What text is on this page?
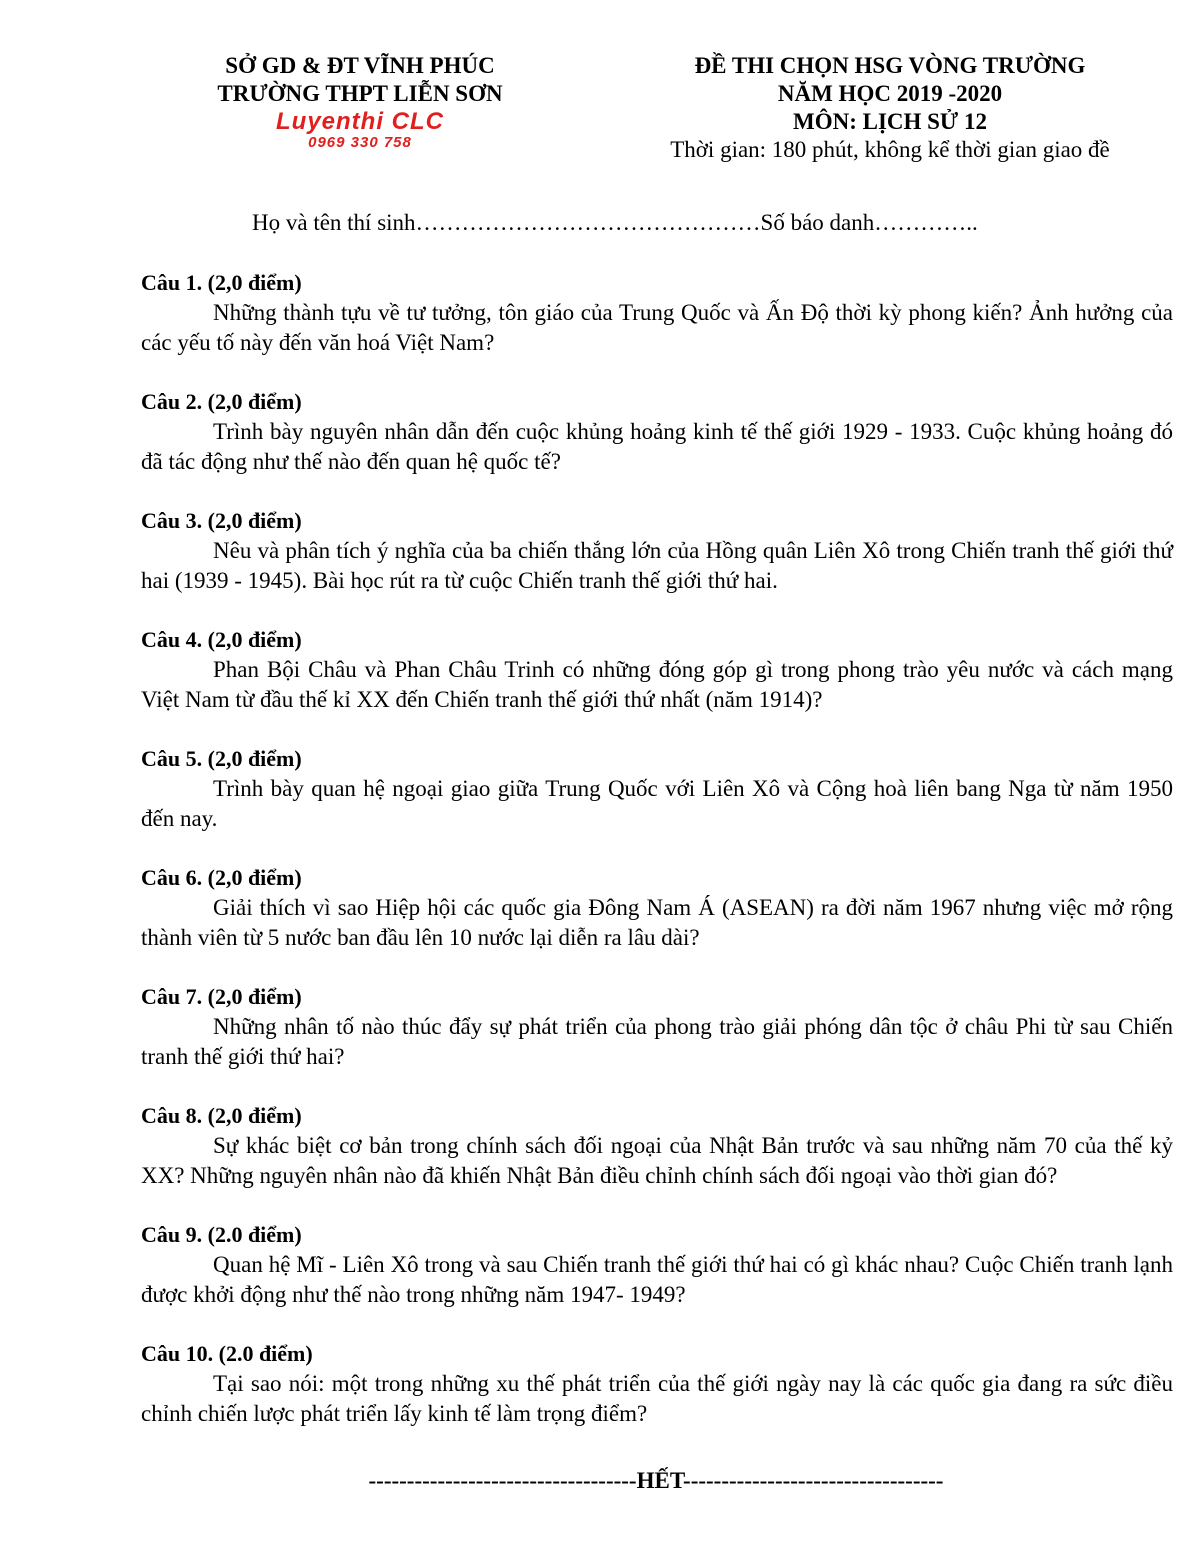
SỞ GD & ĐT VĨNH PHÚC
TRƯỜNG THPT LIỄN SƠN
Luyenthi CLC
0969 330 758
ĐỀ THI CHỌN HSG VÒNG TRƯỜNG
NĂM HỌC 2019 -2020
MÔN: LỊCH SỬ 12
Thời gian: 180 phút, không kể thời gian giao đề
Họ và tên thí sinh………………………………………Số báo danh…………..
Câu 1. (2,0 điểm)
Những thành tựu về tư tưởng, tôn giáo của Trung Quốc và Ấn Độ thời kỳ phong kiến? Ảnh hưởng của các yếu tố này đến văn hoá Việt Nam?
Câu 2. (2,0 điểm)
Trình bày nguyên nhân dẫn đến cuộc khủng hoảng kinh tế thế giới 1929 - 1933. Cuộc khủng hoảng đó đã tác động như thế nào đến quan hệ quốc tế?
Câu 3. (2,0 điểm)
Nêu và phân tích ý nghĩa của ba chiến thắng lớn của Hồng quân Liên Xô trong Chiến tranh thế giới thứ hai (1939 - 1945). Bài học rút ra từ cuộc Chiến tranh thế giới thứ hai.
Câu 4. (2,0 điểm)
Phan Bội Châu và Phan Châu Trinh có những đóng góp gì trong phong trào yêu nước và cách mạng Việt Nam từ đầu thế kỉ XX đến Chiến tranh thế giới thứ nhất (năm 1914)?
Câu 5. (2,0 điểm)
Trình bày quan hệ ngoại giao giữa Trung Quốc với Liên Xô và Cộng hoà liên bang Nga từ năm 1950 đến nay.
Câu 6. (2,0 điểm)
Giải thích vì sao Hiệp hội các quốc gia Đông Nam Á (ASEAN) ra đời năm 1967 nhưng việc mở rộng thành viên từ 5 nước ban đầu lên 10 nước lại diễn ra lâu dài?
Câu 7. (2,0 điểm)
Những nhân tố nào thúc đẩy sự phát triển của phong trào giải phóng dân tộc ở châu Phi từ sau Chiến tranh thế giới thứ hai?
Câu 8. (2,0 điểm)
Sự khác biệt cơ bản trong chính sách đối ngoại của Nhật Bản trước và sau những năm 70 của thế kỷ XX? Những nguyên nhân nào đã khiến Nhật Bản điều chỉnh chính sách đối ngoại vào thời gian đó?
Câu 9. (2.0 điểm)
Quan hệ Mĩ - Liên Xô trong và sau Chiến tranh thế giới thứ hai có gì khác nhau? Cuộc Chiến tranh lạnh được khởi động như thế nào trong những năm 1947- 1949?
Câu 10. (2.0 điểm)
Tại sao nói: một trong những xu thế phát triển của thế giới ngày nay là các quốc gia đang ra sức điều chỉnh chiến lược phát triển lấy kinh tế làm trọng điểm?
-----------------------------------HẾT----------------------------------
